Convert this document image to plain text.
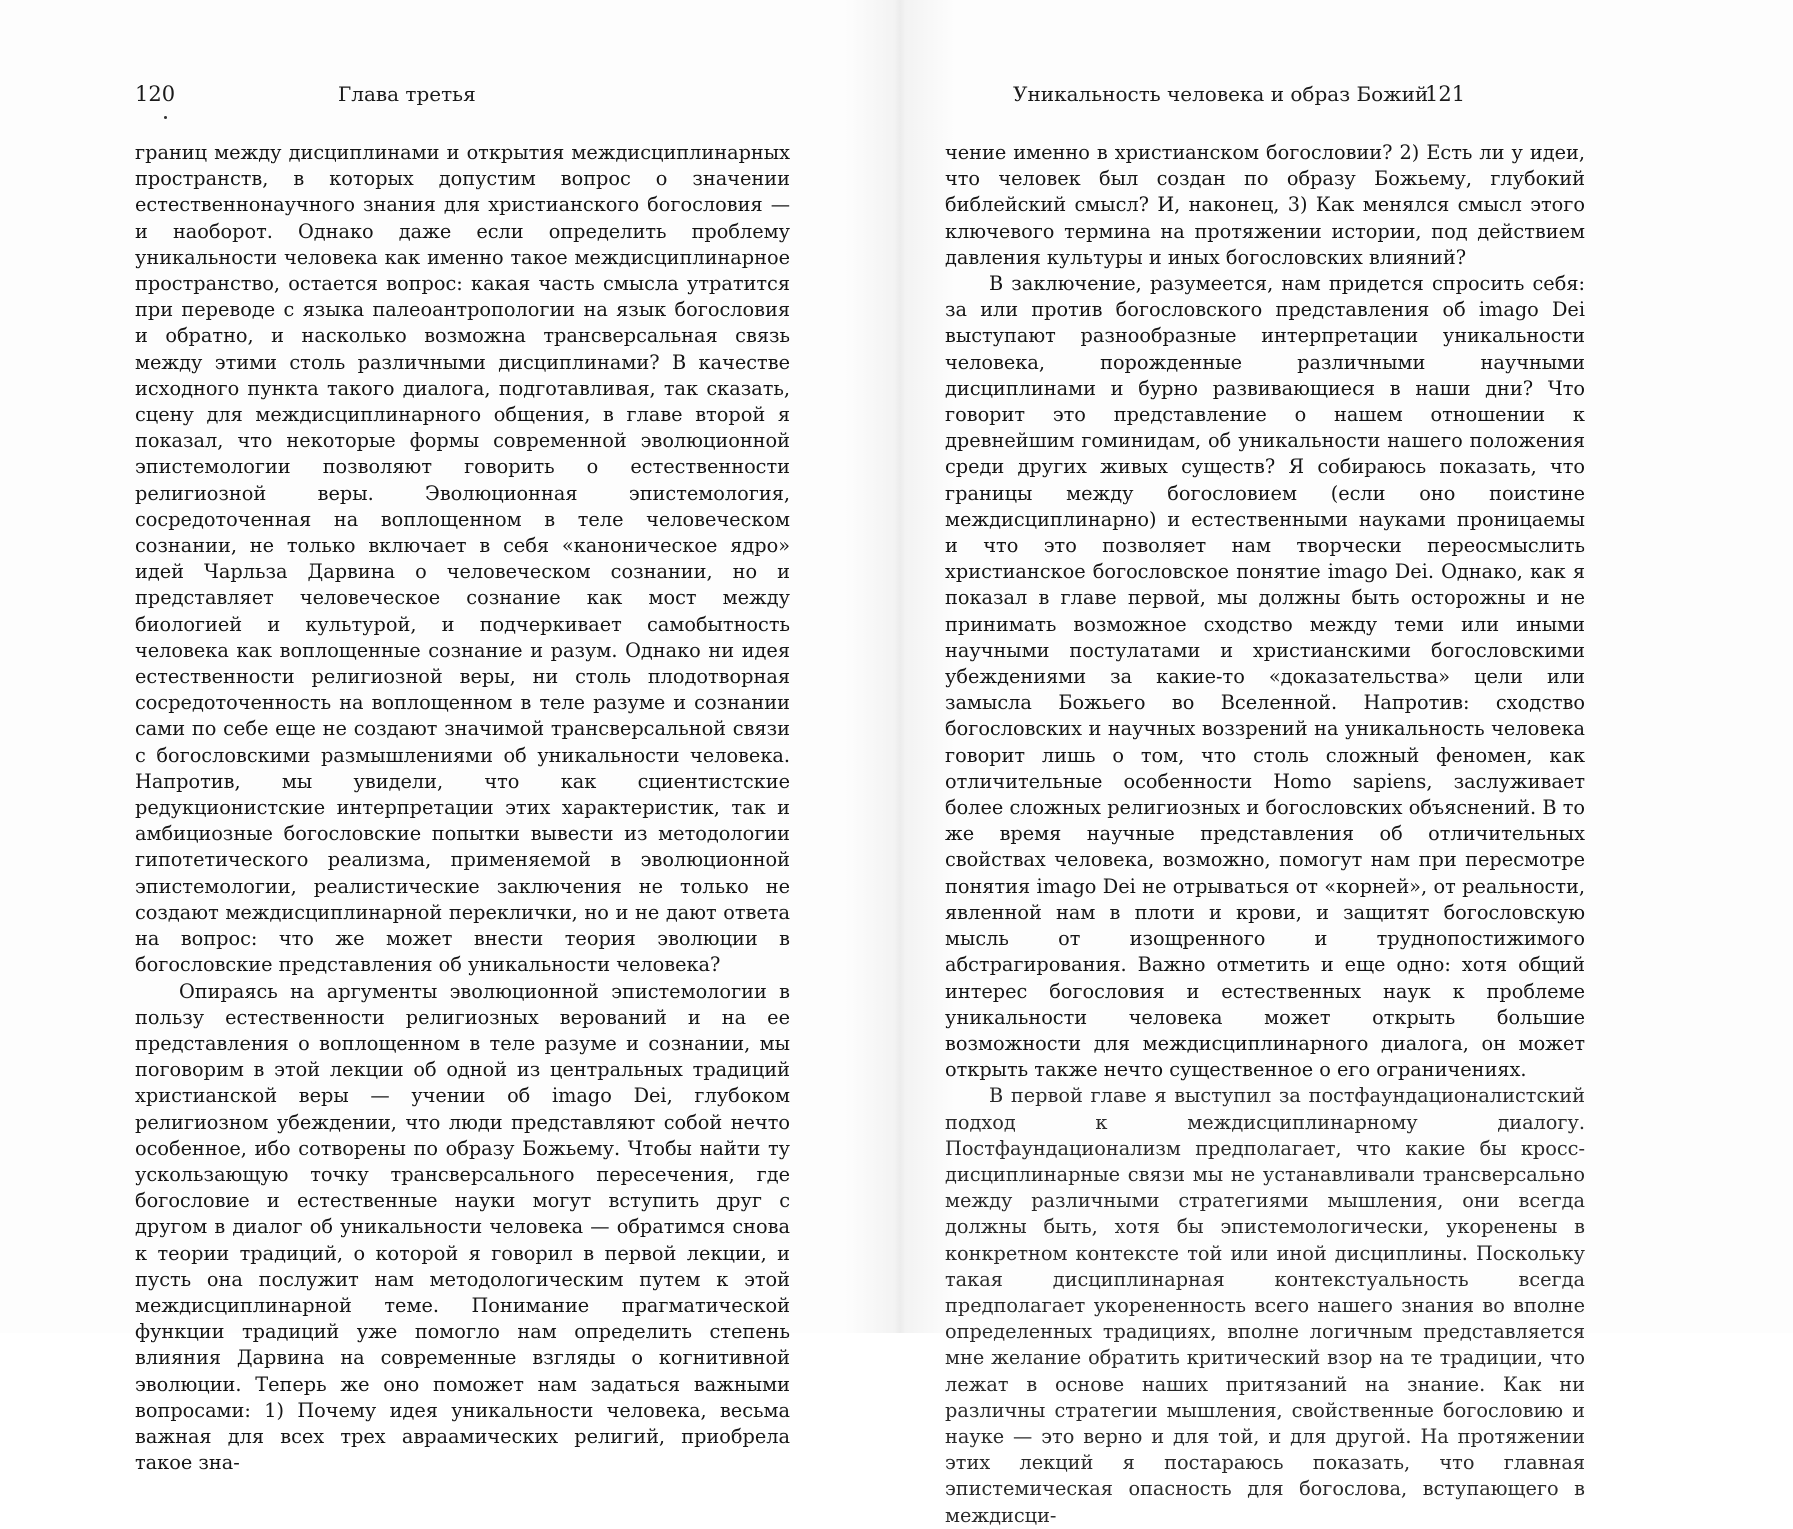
120	Глава третья

границ между дисциплинами и открытия междисциплинарных пространств, в которых допустим вопрос о значении естественнонаучного знания для христианского богословия — и наоборот. Однако даже если определить проблему уникальности человека как именно такое междисциплинарное пространство, остается вопрос: какая часть смысла утратится при переводе с языка палеоантропологии на язык богословия и обратно, и насколько возможна трансверсальная связь между этими столь различными дисциплинами? В качестве исходного пункта такого диалога, подготавливая, так сказать, сцену для междисциплинарного общения, в главе второй я показал, что некоторые формы современной эволюционной эпистемологии позволяют говорить о естественности религиозной веры. Эволюционная эпистемология, сосредоточенная на воплощенном в теле человеческом сознании, не только включает в себя «каноническое ядро» идей Чарльза Дарвина о человеческом сознании, но и представляет человеческое сознание как мост между биологией и культурой, и подчеркивает самобытность человека как воплощенные сознание и разум. Однако ни идея естественности религиозной веры, ни столь плодотворная сосредоточенность на воплощенном в теле разуме и сознании сами по себе еще не создают значимой трансверсальной связи с богословскими размышлениями об уникальности человека. Напротив, мы увидели, что как сциентистские редукционистские интерпретации этих характеристик, так и амбициозные богословские попытки вывести из методологии гипотетического реализма, применяемой в эволюционной эпистемологии, реалистические заключения не только не создают междисциплинарной переклички, но и не дают ответа на вопрос: что же может внести теория эволюции в богословские представления об уникальности человека?

Опираясь на аргументы эволюционной эпистемологии в пользу естественности религиозных верований и на ее представления о воплощенном в теле разуме и сознании, мы поговорим в этой лекции об одной из центральных традиций христианской веры — учении об imago Dei, глубоком религиозном убеждении, что люди представляют собой нечто особенное, ибо сотворены по образу Божьему. Чтобы найти ту ускользающую точку трансверсального пересечения, где богословие и естественные науки могут вступить друг с другом в диалог об уникальности человека — обратимся снова к теории традиций, о которой я говорил в первой лекции, и пусть она послужит нам методологическим путем к этой междисциплинарной теме. Понимание прагматической функции традиций уже помогло нам определить степень влияния Дарвина на современные взгляды о когнитивной эволюции. Теперь же оно поможет нам задаться важными вопросами: 1) Почему идея уникальности человека, весьма важная для всех трех авраамических религий, приобрела такое зна-

Уникальность человека и образ Божий
121

чение именно в христианском богословии? 2) Есть ли у идеи, что человек был создан по образу Божьему, глубокий библейский смысл? И, наконец, 3) Как менялся смысл этого ключевого термина на протяжении истории, под действием давления культуры и иных богословских влияний?

В заключение, разумеется, нам придется спросить себя: за или против богословского представления об imago Dei выступают разнообразные интерпретации уникальности человека, порожденные различными научными дисциплинами и бурно развивающиеся в наши дни? Что говорит это представление о нашем отношении к древнейшим гоминидам, об уникальности нашего положения среди других живых существ? Я собираюсь показать, что границы между богословием (если оно поистине междисциплинарно) и естественными науками проницаемы и что это позволяет нам творчески переосмыслить христианское богословское понятие imago Dei. Однако, как я показал в главе первой, мы должны быть осторожны и не принимать возможное сходство между теми или иными научными постулатами и христианскими богословскими убеждениями за какие-то «доказательства» цели или замысла Божьего во Вселенной. Напротив: сходство богословских и научных воззрений на уникальность человека говорит лишь о том, что столь сложный феномен, как отличительные особенности Homo sapiens, заслуживает более сложных религиозных и богословских объяснений. В то же время научные представления об отличительных свойствах человека, возможно, помогут нам при пересмотре понятия imago Dei не отрываться от «корней», от реальности, явленной нам в плоти и крови, и защитят богословскую мысль от изощренного и труднопостижимого абстрагирования. Важно отметить и еще одно: хотя общий интерес богословия и естественных наук к проблеме уникальности человека может открыть большие возможности для междисциплинарного диалога, он может открыть также нечто существенное о его ограничениях.

В первой главе я выступил за постфаундационалистский подход к междисциплинарному диалогу. Постфаундационализм предполагает, что какие бы кросс-дисциплинарные связи мы не устанавливали трансверсально между различными стратегиями мышления, они всегда должны быть, хотя бы эпистемологически, укоренены в конкретном контексте той или иной дисциплины. Поскольку такая дисциплинарная контекстуальность всегда предполагает укорененность всего нашего знания во вполне определенных традициях, вполне логичным представляется мне желание обратить критический взор на те традиции, что лежат в основе наших притязаний на знание. Как ни различны стратегии мышления, свойственные богословию и науке — это верно и для той, и для другой. На протяжении этих лекций я постараюсь показать, что главная эпистемическая опасность для богослова, вступающего в междисци-
